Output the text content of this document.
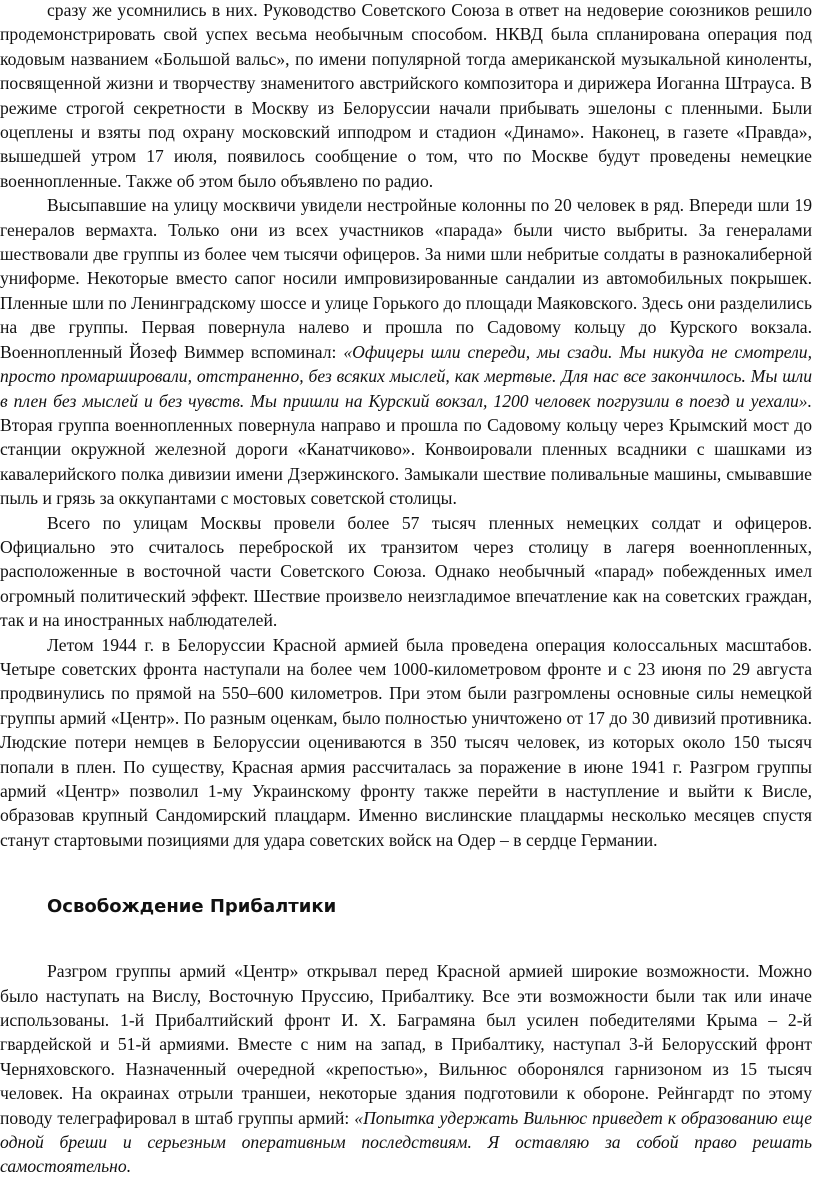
сразу же усомнились в них. Руководство Советского Союза в ответ на недоверие союзников решило продемонстрировать свой успех весьма необычным способом. НКВД была спланирована операция под кодовым названием «Большой вальс», по имени популярной тогда американской музыкальной киноленты, посвященной жизни и творчеству знаменитого австрийского композитора и дирижера Иоганна Штрауса. В режиме строгой секретности в Москву из Белоруссии начали прибывать эшелоны с пленными. Были оцеплены и взяты под охрану московский ипподром и стадион «Динамо». Наконец, в газете «Правда», вышедшей утром 17 июля, появилось сообщение о том, что по Москве будут проведены немецкие военнопленные. Также об этом было объявлено по радио.

Высыпавшие на улицу москвичи увидели нестройные колонны по 20 человек в ряд. Впереди шли 19 генералов вермахта. Только они из всех участников «парада» были чисто выбриты. За генералами шествовали две группы из более чем тысячи офицеров. За ними шли небритые солдаты в разнокалиберной униформе. Некоторые вместо сапог носили импровизированные сандалии из автомобильных покрышек. Пленные шли по Ленинградскому шоссе и улице Горького до площади Маяковского. Здесь они разделились на две группы. Первая повернула налево и прошла по Садовому кольцу до Курского вокзала. Военнопленный Йозеф Виммер вспоминал: «Офицеры шли спереди, мы сзади. Мы никуда не смотрели, просто промаршировали, отстраненно, без всяких мыслей, как мертвые. Для нас все закончилось. Мы шли в плен без мыслей и без чувств. Мы пришли на Курский вокзал, 1200 человек погрузили в поезд и уехали». Вторая группа военнопленных повернула направо и прошла по Садовому кольцу через Крымский мост до станции окружной железной дороги «Канатчиково». Конвоировали пленных всадники с шашками из кавалерийского полка дивизии имени Дзержинского. Замыкали шествие поливальные машины, смывавшие пыль и грязь за оккупантами с мостовых советской столицы.

Всего по улицам Москвы провели более 57 тысяч пленных немецких солдат и офицеров. Официально это считалось переброской их транзитом через столицу в лагеря военнопленных, расположенные в восточной части Советского Союза. Однако необычный «парад» побежденных имел огромный политический эффект. Шествие произвело неизгладимое впечатление как на советских граждан, так и на иностранных наблюдателей.

Летом 1944 г. в Белоруссии Красной армией была проведена операция колоссальных масштабов. Четыре советских фронта наступали на более чем 1000-километровом фронте и с 23 июня по 29 августа продвинулись по прямой на 550–600 километров. При этом были разгромлены основные силы немецкой группы армий «Центр». По разным оценкам, было полностью уничтожено от 17 до 30 дивизий противника. Людские потери немцев в Белоруссии оцениваются в 350 тысяч человек, из которых около 150 тысяч попали в плен. По существу, Красная армия рассчиталась за поражение в июне 1941 г. Разгром группы армий «Центр» позволил 1-му Украинскому фронту также перейти в наступление и выйти к Висле, образовав крупный Сандомирский плацдарм. Именно вислинские плацдармы несколько месяцев спустя станут стартовыми позициями для удара советских войск на Одер – в сердце Германии.

Освобождение Прибалтики

Разгром группы армий «Центр» открывал перед Красной армией широкие возможности. Можно было наступать на Вислу, Восточную Пруссию, Прибалтику. Все эти возможности были так или иначе использованы. 1-й Прибалтийский фронт И. Х. Баграмяна был усилен победителями Крыма – 2-й гвардейской и 51-й армиями. Вместе с ним на запад, в Прибалтику, наступал 3-й Белорусский фронт Черняховского. Назначенный очередной «крепостью», Вильнюс оборонялся гарнизоном из 15 тысяч человек. На окраинах отрыли траншеи, некоторые здания подготовили к обороне. Рейнгардт по этому поводу телеграфировал в штаб группы армий: «Попытка удержать Вильнюс приведет к образованию еще одной бреши и серьезным оперативным последствиям. Я оставляю за собой право решать самостоятельно.
